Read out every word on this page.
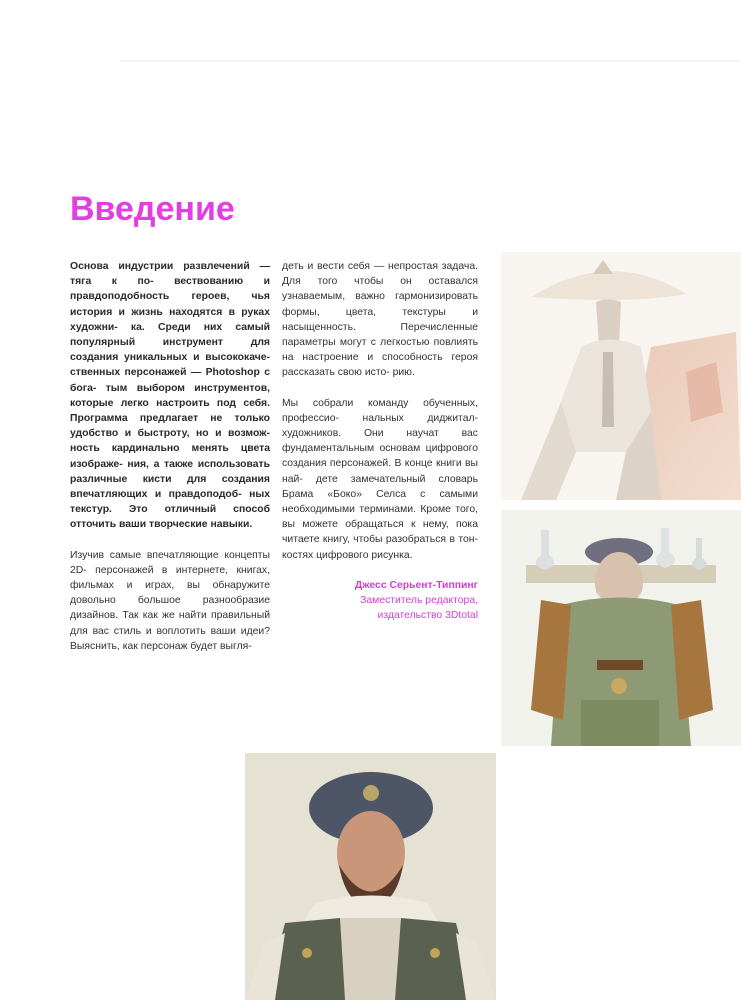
Введение

Основа индустрии развлечений — тяга к по- вествованию и правдоподобность героев, чья история и жизнь находятся в руках художни- ка. Среди них самый популярный инструмент	для создания уникальных и высококаче- ственных персонажей — Photoshop с бога- тым выбором инструментов, которые легко настроить под себя. Программа предлагает не только удобство и быстроту, но и возмож- ность кардинально менять цвета изображе- ния, а также использовать различные кисти для создания впечатляющих и правдоподоб- ных текстур. Это отличный способ отточить ваши творческие навыки.

Изучив самые впечатляющие концепты 2D- персонажей в интернете, книгах, фильмах и играх, вы обнаружите довольно большое разнообразие дизайнов. Так как же найти правильный для вас стиль и воплотить ваши идеи? Выяснить, как персонаж будет выгля-

деть и вести себя — непростая задача. Для того чтобы он оставался узнаваемым, важно гармонизировать формы, цвета, текстуры	и насыщенность. Перечисленные параметры могут с легкостью повлиять на настроение и способность героя рассказать свою исто- рию.

Мы собрали команду обученных, профессио- нальных диджитал-художников. Они научат вас фундаментальным основам цифрового создания персонажей. В конце книги вы най- дете замечательный словарь Брама «Боко» Селса с самыми необходимыми терминами. Кроме того, вы можете обращаться к нему, пока читаете книгу, чтобы разобраться в тон- костях цифрового рисунка.

Джесс Серьент-Типпинг
Заместитель редактора,
издательство 3Dtotal
